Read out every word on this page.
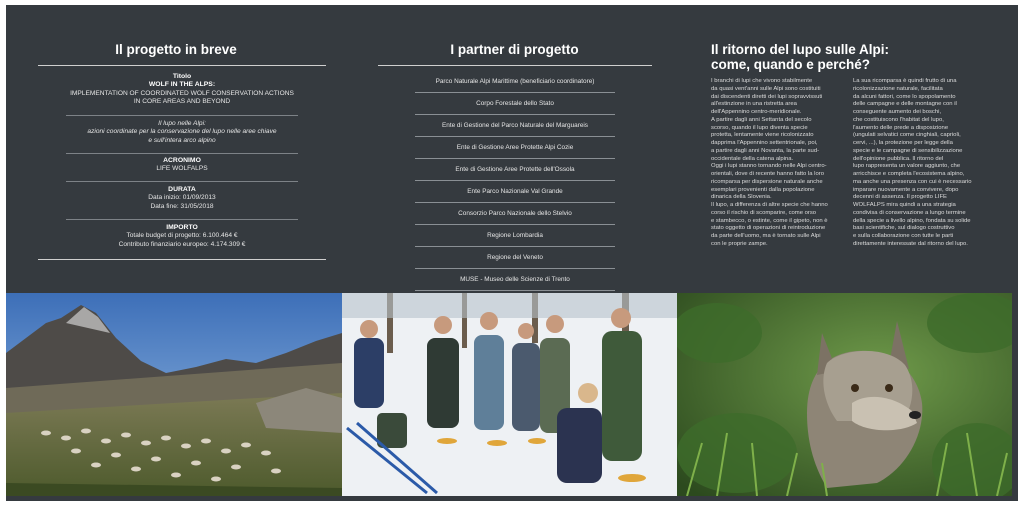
Il progetto in breve
Titolo
WOLF IN THE ALPS:
IMPLEMENTATION OF COORDINATED WOLF CONSERVATION ACTIONS
IN CORE AREAS AND BEYOND
Il lupo nelle Alpi:
azioni coordinate per la conservazione del lupo nelle aree chiave
e sull'intera arco alpino
ACRONIMO
LIFE WOLFALPS
DURATA
Data inizio: 01/09/2013
Data fine: 31/05/2018
IMPORTO
Totale budget di progetto: 6.100.464 €
Contributo finanziario europeo: 4.174.309 €
I partner di progetto
Parco Naturale Alpi Marittime (beneficiario coordinatore)
Corpo Forestale dello Stato
Ente di Gestione del Parco Naturale del Marguareis
Ente di Gestione Aree Protette Alpi Cozie
Ente di Gestione Aree Protette dell'Ossola
Ente Parco Nazionale Val Grande
Consorzio Parco Nazionale dello Stelvio
Regione Lombardia
Regione del Veneto
MUSE - Museo delle Scienze di Trento
Il ritorno del lupo sulle Alpi:
come, quando e perché?
I branchi di lupi che vivono stabilmente
da quasi vent'anni sulle Alpi sono costituiti
dai discendenti diretti dei lupi sopravvissuti
all'estinzione in una ristretta area
dell'Appennino centro-meridionale.
A partire dagli anni Settanta del secolo
scorso, quando il lupo diventa specie
protetta, lentamente viene ricolonizzato
dapprima l'Appennino settentrionale, poi,
a partire dagli anni Novanta, la parte sud-
occidentale della catena alpina.
Oggi i lupi stanno tornando nelle Alpi centro-
orientali, dove di recente hanno fatto la loro
ricomparsa per dispersione naturale anche
esemplari provenienti dalla popolazione
dinarica della Slovenia.
Il lupo, a differenza di altre specie che hanno
corso il rischio di scomparire, come orso
e stambecco, o estinte, come il gipeto, non è
stato oggetto di operazioni di reintroduzione
da parte dell'uomo, ma è tornato sulle Alpi
con le proprie zampe.
La sua ricomparsa è quindi frutto di una
ricolonizzazione naturale, facilitata
da alcuni fattori, come lo spopolamento
delle campagne e delle montagne con il
conseguente aumento dei boschi,
che costituiscono l'habitat del lupo,
l'aumento delle prede a disposizione
(ungulati selvatici come cinghiali, caprioli,
cervi, ...), la protezione per legge della
specie e le campagne di sensibilizzazione
dell'opinione pubblica. Il ritorno del
lupo rappresenta un valore aggiunto, che
arricchisce e completa l'ecosistema alpino,
ma anche una presenza con cui è necessario
imparare nuovamente a convivere, dopo
decenni di assenza. Il progetto LIFE
WOLFALPS mira quindi a una strategia
condivisa di conservazione a lungo termine
della specie a livello alpino, fondata su solide
basi scientifiche, sul dialogo costruttivo
e sulla collaborazione con tutte le parti
direttamente interessate dal ritorno del lupo.
